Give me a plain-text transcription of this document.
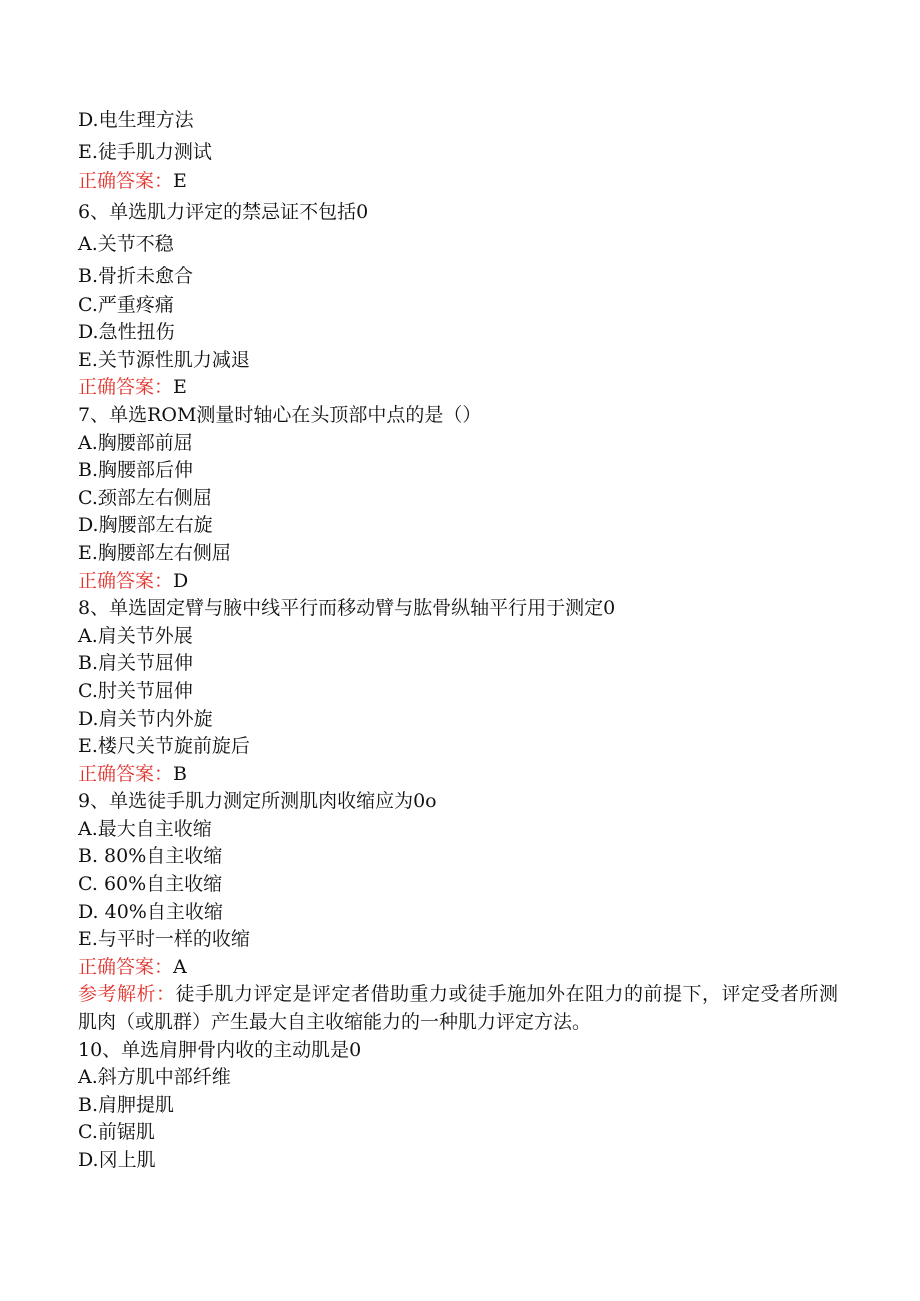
D.电生理方法
E.徒手肌力测试
正确答案：E
6、单选肌力评定的禁忌证不包括0
A.关节不稳
B.骨折未愈合
C.严重疼痛
D.急性扭伤
E.关节源性肌力减退
正确答案：E
7、单选ROM测量时轴心在头顶部中点的是（）
A.胸腰部前屈
B.胸腰部后伸
C.颈部左右侧屈
D.胸腰部左右旋
E.胸腰部左右侧屈
正确答案：D
8、单选固定臂与腋中线平行而移动臂与肱骨纵轴平行用于测定0
A.肩关节外展
B.肩关节屈伸
C.肘关节屈伸
D.肩关节内外旋
E.楼尺关节旋前旋后
正确答案：B
9、单选徒手肌力测定所测肌肉收缩应为0o
A.最大自主收缩
B. 80%自主收缩
C. 60%自主收缩
D. 40%自主收缩
E.与平时一样的收缩
正确答案：A
参考解析：徒手肌力评定是评定者借助重力或徒手施加外在阻力的前提下，评定受者所测肌肉（或肌群）产生最大自主收缩能力的一种肌力评定方法。
10、单选肩胛骨内收的主动肌是0
A.斜方肌中部纤维
B.肩胛提肌
C.前锯肌
D.冈上肌
